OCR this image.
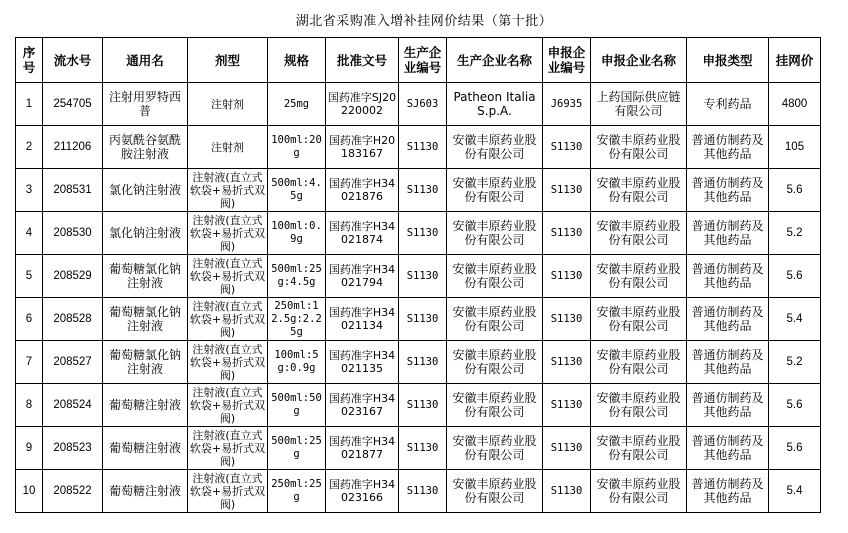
湖北省采购准入增补挂网价结果（第十批）
序号	流水号	通用名	剂型	规格	批准文号	生产企业编号	生产企业名称	申报企业编号	申报企业名称	申报类型	挂网价

1	254705	注射用罗特西普	注射剂	25mg	国药准字SJ20220002	SJ603	Patheon Italia S.p.A.	J6935	上药国际供应链有限公司	专利药品	4800

2	211206	丙氨酰谷氨酰胺注射液	注射剂	100ml:20g	国药准字H20183167	S1130	安徽丰原药业股份有限公司	S1130	安徽丰原药业股份有限公司	普通仿制药及其他药品	105

3	208531	氯化钠注射液	注射液(直立式软袋+易折式双阀)	500ml:4.5g	国药准字H34021876	S1130	安徽丰原药业股份有限公司	S1130	安徽丰原药业股份有限公司	普通仿制药及其他药品	5.6

4	208530	氯化钠注射液	注射液(直立式软袋+易折式双阀)	100ml:0.9g	国药准字H34021874	S1130	安徽丰原药业股份有限公司	S1130	安徽丰原药业股份有限公司	普通仿制药及其他药品	5.2

5	208529	葡萄糖氯化钠注射液	注射液(直立式软袋+易折式双阀)	500ml:25g:4.5g	国药准字H34021794	S1130	安徽丰原药业股份有限公司	S1130	安徽丰原药业股份有限公司	普通仿制药及其他药品	5.6

6	208528	葡萄糖氯化钠注射液	注射液(直立式软袋+易折式双阀)	250ml:12.5g:2.25g	国药准字H34021134	S1130	安徽丰原药业股份有限公司	S1130	安徽丰原药业股份有限公司	普通仿制药及其他药品	5.4

7	208527	葡萄糖氯化钠注射液	注射液(直立式软袋+易折式双阀)	100ml:5g:0.9g	国药准字H34021135	S1130	安徽丰原药业股份有限公司	S1130	安徽丰原药业股份有限公司	普通仿制药及其他药品	5.2

8	208524	葡萄糖注射液	注射液(直立式软袋+易折式双阀)	500ml:50g	国药准字H34023167	S1130	安徽丰原药业股份有限公司	S1130	安徽丰原药业股份有限公司	普通仿制药及其他药品	5.6

9	208523	葡萄糖注射液	注射液(直立式软袋+易折式双阀)	500ml:25g	国药准字H34021877	S1130	安徽丰原药业股份有限公司	S1130	安徽丰原药业股份有限公司	普通仿制药及其他药品	5.6

10	208522	葡萄糖注射液	注射液(直立式软袋+易折式双阀)	250ml:25g	国药准字H34023166	S1130	安徽丰原药业股份有限公司	S1130	安徽丰原药业股份有限公司	普通仿制药及其他药品	5.4
